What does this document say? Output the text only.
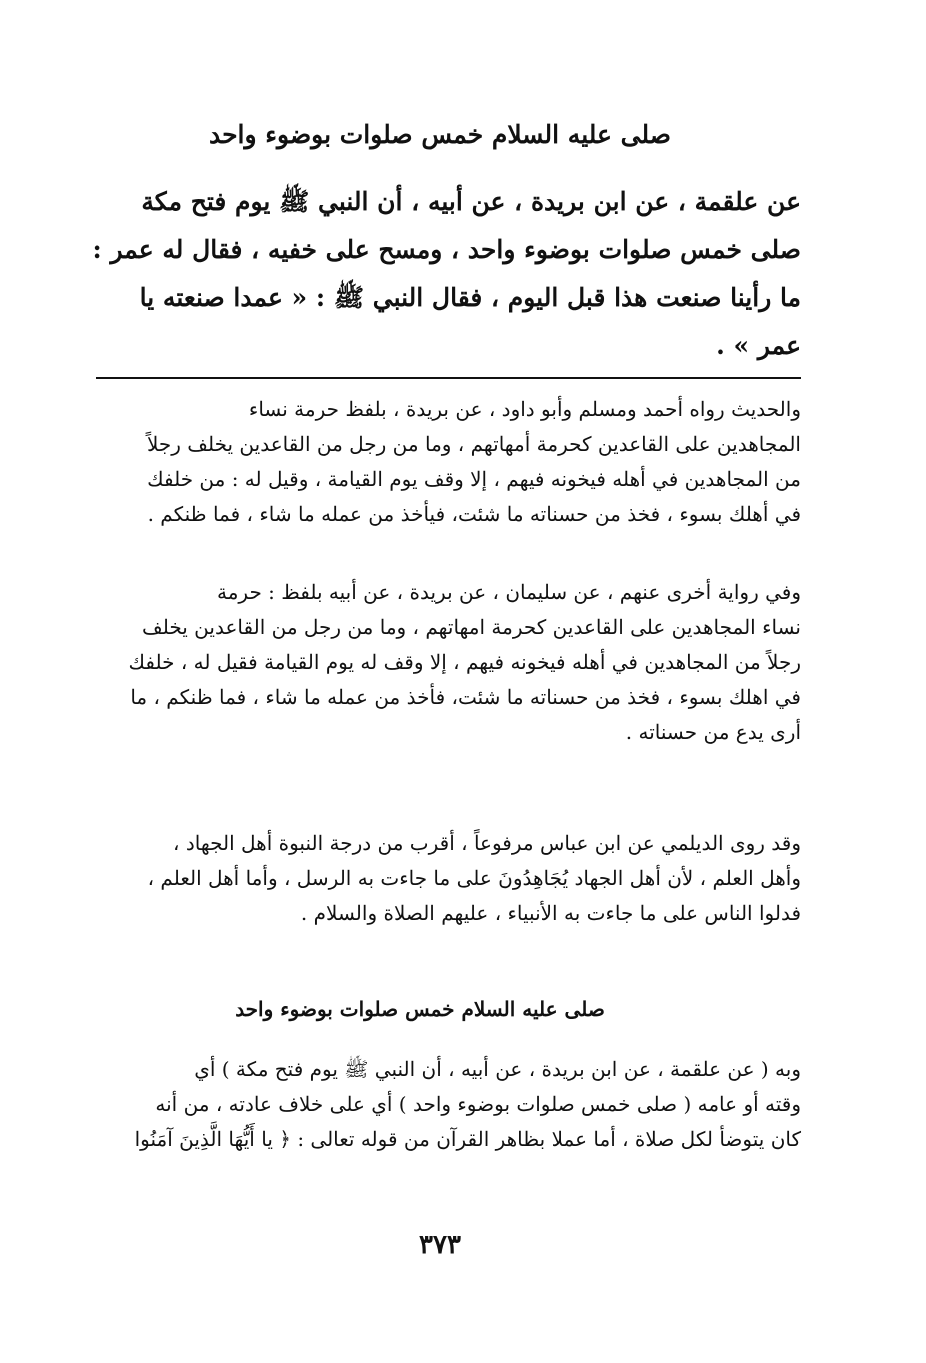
صلى عليه السلام خمس صلوات بوضوء واحد

عن علقمة ، عن ابن بريدة ، عن أبيه ، أن النبي ﷺ يوم فتح مكة

صلى خمس صلوات بوضوء واحد ، ومسح على خفيه ، فقال له عمر :

ما رأينا صنعت هذا قبل اليوم ، فقال النبي ﷺ : « عمدا صنعته يا

عمر » .

والحديث رواه أحمد ومسلم وأبو داود ، عن بريدة ، بلفظ حرمة نساء

المجاهدين على القاعدين كحرمة أمهاتهم ، وما من رجل من القاعدين يخلف رجلاً

من المجاهدين في أهله فيخونه فيهم ، إلا وقف يوم القيامة ، وقيل له : من خلفك

في أهلك بسوء ، فخذ من حسناته ما شئت، فيأخذ من عمله ما شاء ، فما ظنكم .

وفي رواية أخرى عنهم ، عن سليمان ، عن بريدة ، عن أبيه بلفظ : حرمة

نساء المجاهدين على القاعدين كحرمة امهاتهم ، وما من رجل من القاعدين يخلف

رجلاً من المجاهدين في أهله فيخونه فيهم ، إلا وقف له يوم القيامة فقيل له ، خلفك

في اهلك بسوء ، فخذ من حسناته ما شئت، فأخذ من عمله ما شاء ، فما ظنكم ، ما

أرى يدع من حسناته .

وقد روى الديلمي عن ابن عباس مرفوعاً ، أقرب من درجة النبوة أهل الجهاد ،

وأهل العلم ، لأن أهل الجهاد يُجَاهِدُونَ على ما جاءت به الرسل ، وأما أهل العلم ،

فدلوا الناس على ما جاءت به الأنبياء ، عليهم الصلاة والسلام .

صلى عليه السلام خمس صلوات بوضوء واحد

وبه ( عن علقمة ، عن ابن بريدة ، عن أبيه ، أن النبي ﷺ يوم فتح مكة ) أي

وقته أو عامه ( صلى خمس صلوات بوضوء واحد ) أي على خلاف عادته ، من أنه

كان يتوضأ لكل صلاة ، أما عملا بظاهر القرآن من قوله تعالى : ﴿ يا أَيُّهَا الَّذِينَ آمَنُوا

٣٧٣
